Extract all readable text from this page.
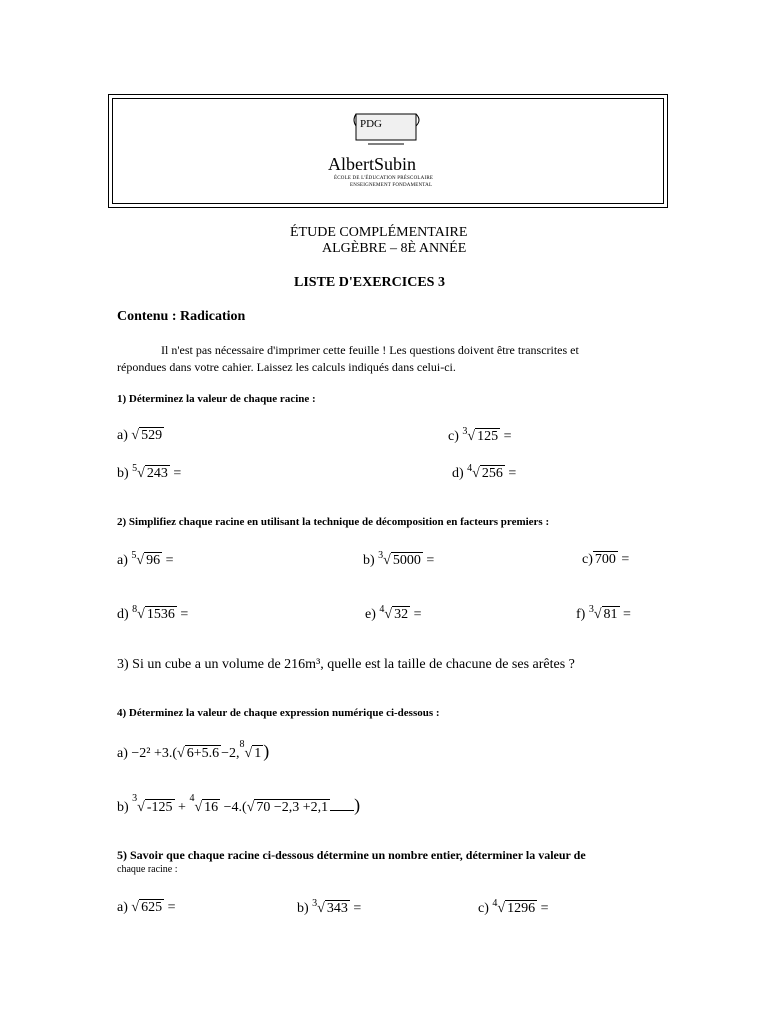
PDG
AlbertSubin
ÉCOLE DE L'ÉDUCATION PRÉSCOLAIRE
ENSEIGNEMENT FONDAMENTAL
ÉTUDE COMPLÉMENTAIRE
ALGÈBRE – 8È ANNÉE
LISTE D'EXERCICES 3
Contenu : Radication
Il n'est pas nécessaire d'imprimer cette feuille ! Les questions doivent être transcrites et
répondues dans votre cahier. Laissez les calculs indiqués dans celui-ci.
1) Déterminez la valeur de chaque racine :
a) √ 529	c) $^3$√ 125 =
b) $^5$√ 243 =	d) $^4$√ 256 =
2) Simplifiez chaque racine en utilisant la technique de décomposition en facteurs premiers :
a) $^5$√ 96 =	b) $^3$√ 5000 =	c) 700 =
d) $^8$√ 1536 =	e) $^4$√ 32 =	f) $^3$√ 81 =
3) Si un cube a un volume de 216m³, quelle est la taille de chacune de ses arêtes ?
4) Déterminez la valeur de chaque expression numérique ci-dessous :
a) −2² +3.(√ 6+5.6 −2,$^8$√ 1 )
b) $^3$√ -125 + $^4$√ 16 −4.(√ 70 −2,3 +2,1 )
5) Savoir que chaque racine ci-dessous détermine un nombre entier, déterminer la valeur de
chaque racine :
a) √ 625 =	b) $^3$√ 343 =	c) $^4$√ 1296 =
